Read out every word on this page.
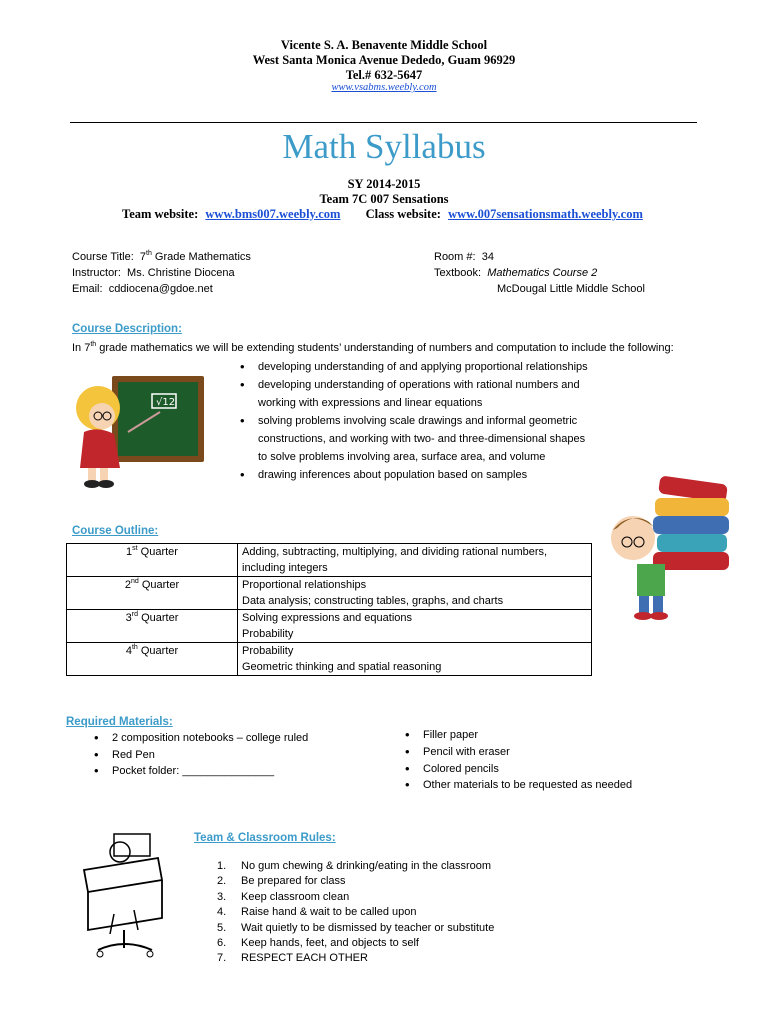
Vicente S. A. Benavente Middle School
West Santa Monica Avenue Dededo, Guam 96929
Tel.# 632-5647
www.vsabms.weebly.com
Math Syllabus
SY 2014-2015
Team 7C 007 Sensations
Team website: www.bms007.weebly.com Class website: www.007sensationsmath.weebly.com
Course Title: 7th Grade Mathematics
Instructor: Ms. Christine Diocena
Email: cddiocena@gdoe.net
Room #: 34
Textbook: Mathematics Course 2
McDougal Little Middle School
Course Description:
In 7th grade mathematics we will be extending students’ understanding of numbers and computation to include the following:
• developing understanding of and applying proportional relationships
• developing understanding of operations with rational numbers and
working with expressions and linear equations
• solving problems involving scale drawings and informal geometric
constructions, and working with two- and three-dimensional shapes
to solve problems involving area, surface area, and volume
• drawing inferences about population based on samples
√12
Course Outline:
1st Quarter	Adding, subtracting, multiplying, and dividing rational numbers,
including integers

2nd Quarter	Proportional relationships
Data analysis; constructing tables, graphs, and charts

3rd Quarter	Solving expressions and equations
Probability

4th Quarter	Probability
Geometric thinking and spatial reasoning
Required Materials:
• 2 composition notebooks – college ruled
• Red Pen
• Pocket folder: _______________
• Filler paper
• Pencil with eraser
• Colored pencils
• Other materials to be requested as needed
Team & Classroom Rules:
1. No gum chewing & drinking/eating in the classroom
2. Be prepared for class
3. Keep classroom clean
4. Raise hand & wait to be called upon
5. Wait quietly to be dismissed by teacher or substitute
6. Keep hands, feet, and objects to self
7. RESPECT EACH OTHER
